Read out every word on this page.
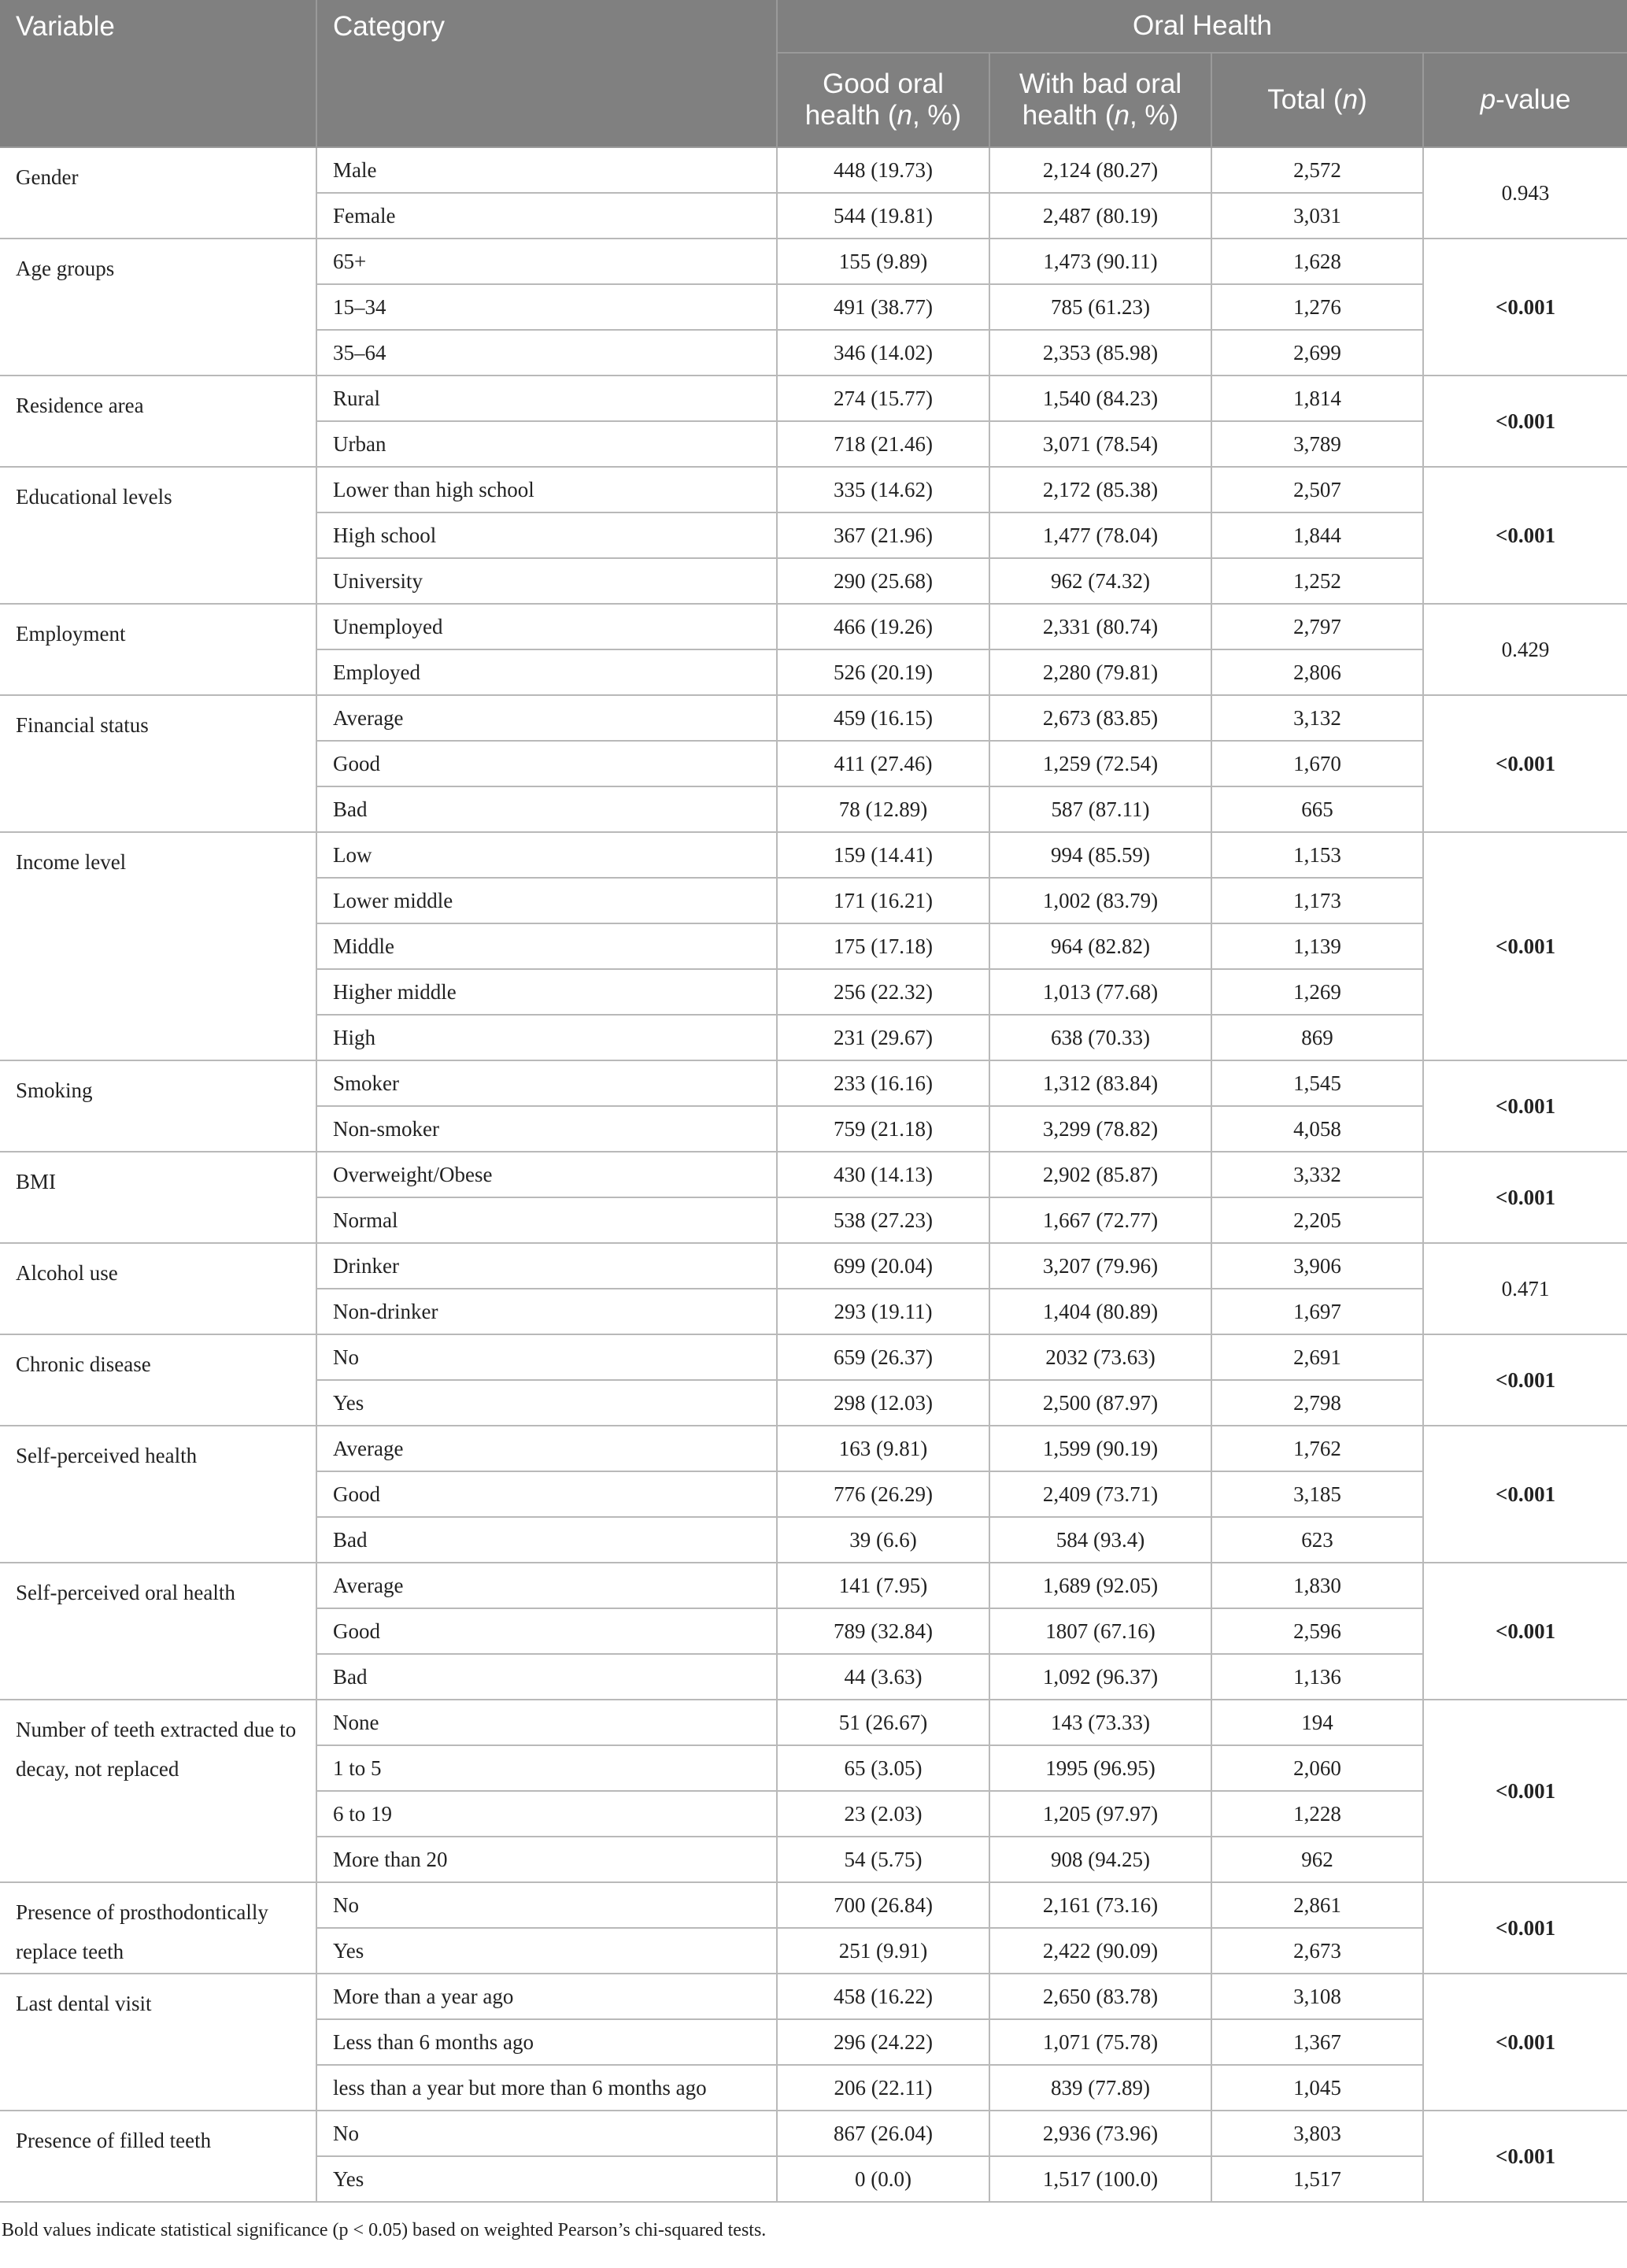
Variable	Category	Oral Health			
		Good oral health (n, %)	With bad oral health (n, %)	Total (n)	p-value
Gender	Male	448 (19.73)	2,124 (80.27)	2,572	0.943
	Female	544 (19.81)	2,487 (80.19)	3,031	
Age groups	65+	155 (9.89)	1,473 (90.11)	1,628	<0.001
	15–34	491 (38.77)	785 (61.23)	1,276	
	35–64	346 (14.02)	2,353 (85.98)	2,699	
Residence area	Rural	274 (15.77)	1,540 (84.23)	1,814	<0.001
	Urban	718 (21.46)	3,071 (78.54)	3,789	
Educational levels	Lower than high school	335 (14.62)	2,172 (85.38)	2,507	<0.001
	High school	367 (21.96)	1,477 (78.04)	1,844	
	University	290 (25.68)	962 (74.32)	1,252	
Employment	Unemployed	466 (19.26)	2,331 (80.74)	2,797	0.429
	Employed	526 (20.19)	2,280 (79.81)	2,806	
Financial status	Average	459 (16.15)	2,673 (83.85)	3,132	<0.001
	Good	411 (27.46)	1,259 (72.54)	1,670	
	Bad	78 (12.89)	587 (87.11)	665	
Income level	Low	159 (14.41)	994 (85.59)	1,153	<0.001
	Lower middle	171 (16.21)	1,002 (83.79)	1,173	
	Middle	175 (17.18)	964 (82.82)	1,139	
	Higher middle	256 (22.32)	1,013 (77.68)	1,269	
	High	231 (29.67)	638 (70.33)	869	
Smoking	Smoker	233 (16.16)	1,312 (83.84)	1,545	<0.001
	Non-smoker	759 (21.18)	3,299 (78.82)	4,058	
BMI	Overweight/Obese	430 (14.13)	2,902 (85.87)	3,332	<0.001
	Normal	538 (27.23)	1,667 (72.77)	2,205	
Alcohol use	Drinker	699 (20.04)	3,207 (79.96)	3,906	0.471
	Non-drinker	293 (19.11)	1,404 (80.89)	1,697	
Chronic disease	No	659 (26.37)	2032 (73.63)	2,691	<0.001
	Yes	298 (12.03)	2,500 (87.97)	2,798	
Self-perceived health	Average	163 (9.81)	1,599 (90.19)	1,762	<0.001
	Good	776 (26.29)	2,409 (73.71)	3,185	
	Bad	39 (6.6)	584 (93.4)	623	
Self-perceived oral health	Average	141 (7.95)	1,689 (92.05)	1,830	<0.001
	Good	789 (32.84)	1807 (67.16)	2,596	
	Bad	44 (3.63)	1,092 (96.37)	1,136	
Number of teeth extracted due to decay, not replaced	None	51 (26.67)	143 (73.33)	194	<0.001
	1 to 5	65 (3.05)	1995 (96.95)	2,060	
	6 to 19	23 (2.03)	1,205 (97.97)	1,228	
	More than 20	54 (5.75)	908 (94.25)	962	
Presence of prosthodontically replace teeth	No	700 (26.84)	2,161 (73.16)	2,861	<0.001
	Yes	251 (9.91)	2,422 (90.09)	2,673	
Last dental visit	More than a year ago	458 (16.22)	2,650 (83.78)	3,108	<0.001
	Less than 6 months ago	296 (24.22)	1,071 (75.78)	1,367	
	less than a year but more than 6 months ago	206 (22.11)	839 (77.89)	1,045	
Presence of filled teeth	No	867 (26.04)	2,936 (73.96)	3,803	<0.001
	Yes	0 (0.0)	1,517 (100.0)	1,517	
Bold values indicate statistical significance (p < 0.05) based on weighted Pearson’s chi-squared tests.
